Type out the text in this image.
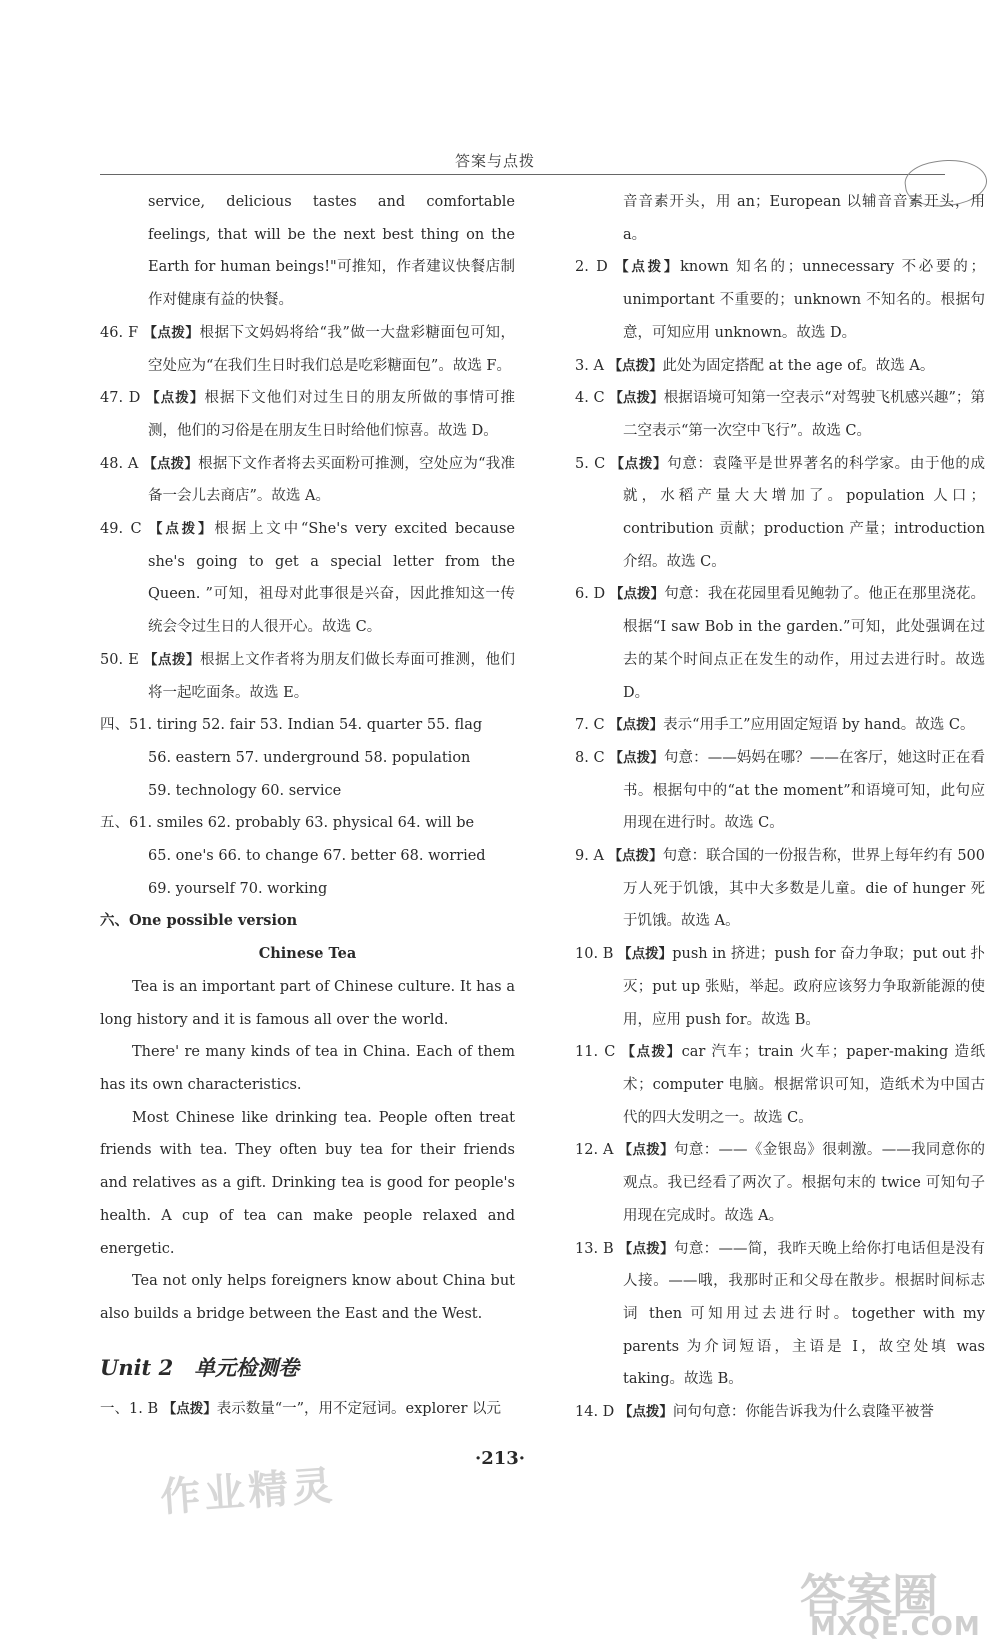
答案与点拨

service, delicious tastes and comfortable feelings, that will be the next best thing on the Earth for human beings!"可推知，作者建议快餐店制作对健康有益的快餐。

46. F 【点拨】根据下文妈妈将给“我”做一大盘彩糖面包可知，空处应为“在我们生日时我们总是吃彩糖面包”。故选 F。

47. D 【点拨】根据下文他们对过生日的朋友所做的事情可推测，他们的习俗是在朋友生日时给他们惊喜。故选 D。

48. A 【点拨】根据下文作者将去买面粉可推测，空处应为“我准备一会儿去商店”。故选 A。

49. C 【点拨】根据上文中“She's very excited because she's going to get a special letter from the Queen. ”可知，祖母对此事很是兴奋，因此推知这一传统会令过生日的人很开心。故选 C。

50. E 【点拨】根据上文作者将为朋友们做长寿面可推测，他们将一起吃面条。故选 E。

四、51. tiring 52. fair 53. Indian 54. quarter 55. flag

56. eastern 57. underground 58. population

59. technology 60. service

五、61. smiles 62. probably 63. physical 64. will be

65. one's 66. to change 67. better 68. worried

69. yourself 70. working

六、One possible version

Chinese Tea

Tea is an important part of Chinese culture. It has a long history and it is famous all over the world.

There' re many kinds of tea in China. Each of them has its own characteristics.

Most Chinese like drinking tea. People often treat friends with tea. They often buy tea for their friends and relatives as a gift. Drinking tea is good for people's health. A cup of tea can make people relaxed and energetic.

Tea not only helps foreigners know about China but also builds a bridge between the East and the West.

Unit 2　单元检测卷

一、1. B 【点拨】表示数量“一”，用不定冠词。explorer 以元

音音素开头，用 an；European 以辅音音素开头，用 a。

2. D 【点拨】known 知名的；unnecessary 不必要的；unimportant 不重要的；unknown 不知名的。根据句意，可知应用 unknown。故选 D。

3. A 【点拨】此处为固定搭配 at the age of。故选 A。

4. C 【点拨】根据语境可知第一空表示“对驾驶飞机感兴趣”；第二空表示“第一次空中飞行”。故选 C。

5. C 【点拨】句意：袁隆平是世界著名的科学家。由于他的成就，水稻产量大大增加了。population 人口；contribution 贡献；production 产量；introduction 介绍。故选 C。

6. D 【点拨】句意：我在花园里看见鲍勃了。他正在那里浇花。根据“I saw Bob in the garden.”可知，此处强调在过去的某个时间点正在发生的动作，用过去进行时。故选 D。

7. C 【点拨】表示“用手工”应用固定短语 by hand。故选 C。

8. C 【点拨】句意：——妈妈在哪？——在客厅，她这时正在看书。根据句中的“at the moment”和语境可知，此句应用现在进行时。故选 C。

9. A 【点拨】句意：联合国的一份报告称，世界上每年约有 500 万人死于饥饿，其中大多数是儿童。die of hunger 死于饥饿。故选 A。

10. B 【点拨】push in 挤进；push for 奋力争取；put out 扑灭；put up 张贴，举起。政府应该努力争取新能源的使用，应用 push for。故选 B。

11. C 【点拨】car 汽车；train 火车；paper-making 造纸术；computer 电脑。根据常识可知，造纸术为中国古代的四大发明之一。故选 C。

12. A 【点拨】句意：——《金银岛》很刺激。——我同意你的观点。我已经看了两次了。根据句末的 twice 可知句子用现在完成时。故选 A。

13. B 【点拨】句意：——简，我昨天晚上给你打电话但是没有人接。——哦，我那时正和父母在散步。根据时间标志词 then 可知用过去进行时。together with my parents 为介词短语，主语是 I，故空处填 was taking。故选 B。

14. D 【点拨】问句句意：你能告诉我为什么袁隆平被誉

·213·
作业精灵
答案圈
MXQE.COM
